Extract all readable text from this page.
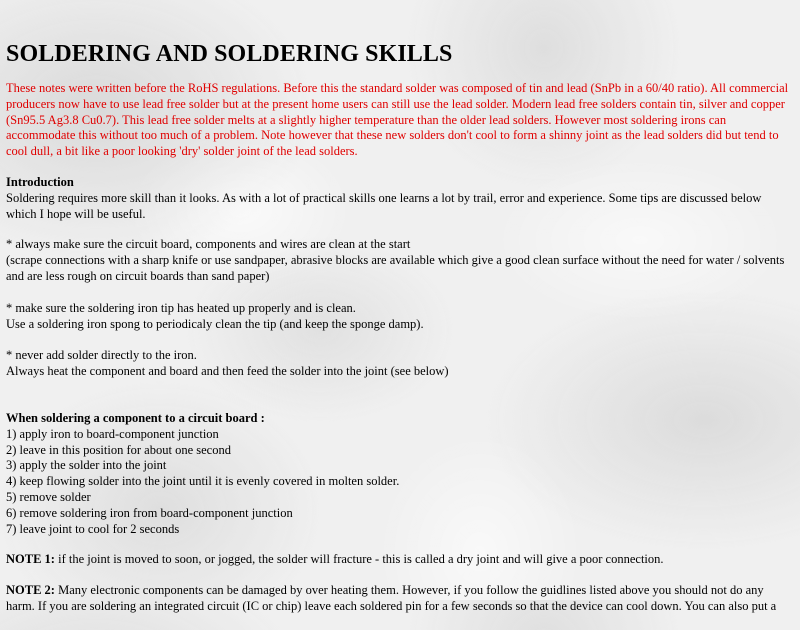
SOLDERING AND SOLDERING SKILLS

These notes were written before the RoHS regulations. Before this the standard solder was composed of tin and lead (SnPb in a 60/40 ratio). All commercial producers now have to use lead free solder but at the present home users can still use the lead solder. Modern lead free solders contain tin, silver and copper (Sn95.5 Ag3.8 Cu0.7). This lead free solder melts at a slightly higher temperature than the older lead solders. However most soldering irons can accommodate this without too much of a problem. Note however that these new solders don't cool to form a shinny joint as the lead solders did but tend to cool dull, a bit like a poor looking 'dry' solder joint of the lead solders.

Introduction
Soldering requires more skill than it looks. As with a lot of practical skills one learns a lot by trail, error and experience. Some tips are discussed below which I hope will be useful.
* always make sure the circuit board, components and wires are clean at the start
(scrape connections with a sharp knife or use sandpaper, abrasive blocks are available which give a good clean surface without the need for water / solvents and are less rough on circuit boards than sand paper)
* make sure the soldering iron tip has heated up properly and is clean.
Use a soldering iron spong to periodicaly clean the tip (and keep the sponge damp).
* never add solder directly to the iron.
Always heat the component and board and then feed the solder into the joint (see below)
When soldering a component to a circuit board :
1) apply iron to board-component junction
2) leave in this position for about one second
3) apply the solder into the joint
4) keep flowing solder into the joint until it is evenly covered in molten solder.
5) remove solder
6) remove soldering iron from board-component junction
7) leave joint to cool for 2 seconds

NOTE 1: if the joint is moved to soon, or jogged, the solder will fracture - this is called a dry joint and will give a poor connection.

NOTE 2: Many electronic components can be damaged by over heating them. However, if you follow the guidlines listed above you should not do any harm. If you are soldering an integrated circuit (IC or chip) leave each soldered pin for a few seconds so that the device can cool down. You can also put a
